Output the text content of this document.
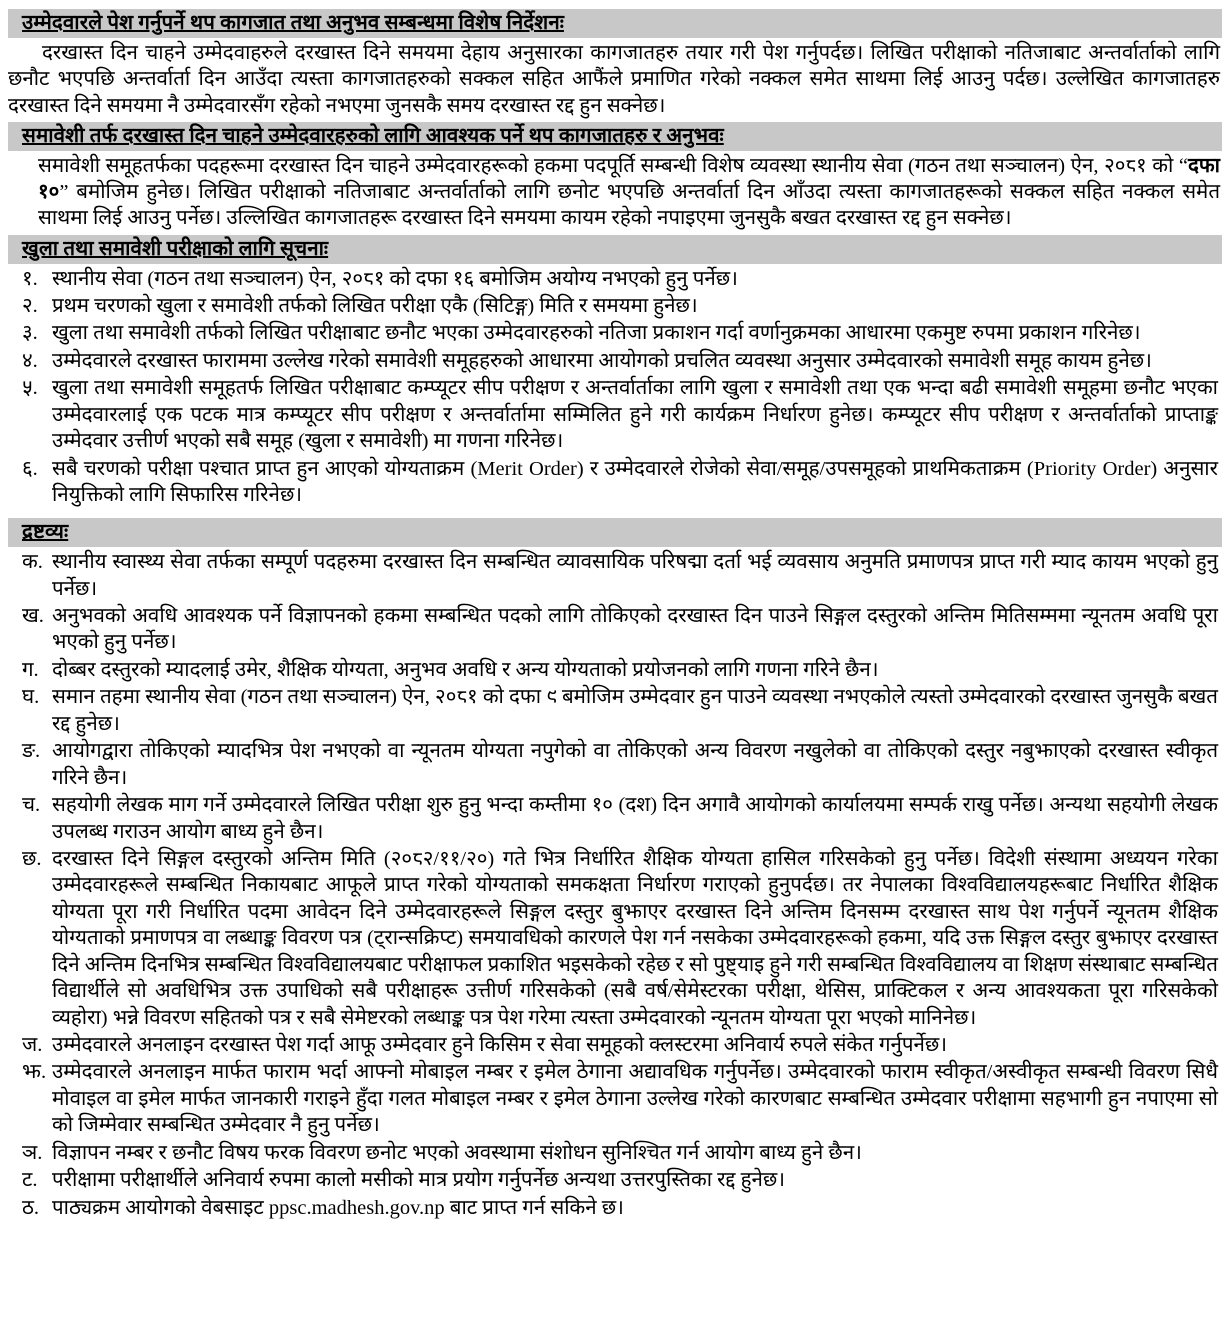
उम्मेदवारले पेश गर्नुपर्ने थप कागजात तथा अनुभव सम्बन्धमा विशेष निर्देशनः

दरखास्त दिन चाहने उम्मेदवाहरुले दरखास्त दिने समयमा देहाय अनुसारका कागजातहरु तयार गरी पेश गर्नुपर्दछ। लिखित परीक्षाको नतिजाबाट अन्तर्वार्ताको लागि छनौट भएपछि अन्तर्वार्ता दिन आउँदा त्यस्ता कागजातहरुको सक्कल सहित आफैंले प्रमाणित गरेको नक्कल समेत साथमा लिई आउनु पर्दछ। उल्लेखित कागजातहरु दरखास्त दिने समयमा नै उम्मेदवारसँग रहेको नभएमा जुनसकै समय दरखास्त रद्द हुन सक्नेछ।

समावेशी तर्फ दरखास्त दिन चाहने उम्मेदवारहरुको लागि आवश्यक पर्ने थप कागजातहरु र अनुभवः

समावेशी समूहतर्फका पदहरूमा दरखास्त दिन चाहने उम्मेदवारहरूको हकमा पदपूर्ति सम्बन्धी विशेष व्यवस्था स्थानीय सेवा (गठन तथा सञ्चालन) ऐन, २०८१ को “दफा १०” बमोजिम हुनेछ। लिखित परीक्षाको नतिजाबाट अन्तर्वार्ताको लागि छनोट भएपछि अन्तर्वार्ता दिन आँउदा त्यस्ता कागजातहरूको सक्कल सहित नक्कल समेत साथमा लिई आउनु पर्नेछ। उल्लिखित कागजातहरू दरखास्त दिने समयमा कायम रहेको नपाइएमा जुनसुकै बखत दरखास्त रद्द हुन सक्नेछ।

खुला तथा समावेशी परीक्षाको लागि सूचनाः
१. स्थानीय सेवा (गठन तथा सञ्चालन) ऐन, २०८१ को दफा १६ बमोजिम अयोग्य नभएको हुनु पर्नेछ।
२. प्रथम चरणको खुला र समावेशी तर्फको लिखित परीक्षा एकै (सिटिङ्ग) मिति र समयमा हुनेछ।
३. खुला तथा समावेशी तर्फको लिखित परीक्षाबाट छनौट भएका उम्मेदवारहरुको नतिजा प्रकाशन गर्दा वर्णानुक्रमका आधारमा एकमुष्ट रुपमा प्रकाशन गरिनेछ।
४. उम्मेदवारले दरखास्त फाराममा उल्लेख गरेको समावेशी समूहहरुको आधारमा आयोगको प्रचलित व्यवस्था अनुसार उम्मेदवारको समावेशी समूह कायम हुनेछ।
५. खुला तथा समावेशी समूहतर्फ लिखित परीक्षाबाट कम्प्यूटर सीप परीक्षण र अन्तर्वार्ताका लागि खुला र समावेशी तथा एक भन्दा बढी समावेशी समूहमा छनौट भएका उम्मेदवारलाई एक पटक मात्र कम्प्यूटर सीप परीक्षण र अन्तर्वार्तामा सम्मिलित हुने गरी कार्यक्रम निर्धारण हुनेछ। कम्प्यूटर सीप परीक्षण र अन्तर्वार्ताको प्राप्ताङ्क उम्मेदवार उत्तीर्ण भएको सबै समूह (खुला र समावेशी) मा गणना गरिनेछ।
६. सबै चरणको परीक्षा पश्चात प्राप्त हुन आएको योग्यताक्रम (Merit Order) र उम्मेदवारले रोजेको सेवा/समूह/उपसमूहको प्राथमिकताक्रम (Priority Order) अनुसार नियुक्तिको लागि सिफारिस गरिनेछ।
द्रष्टव्यः
क. स्थानीय स्वास्थ्य सेवा तर्फका सम्पूर्ण पदहरुमा दरखास्त दिन सम्बन्धित व्यावसायिक परिषद्मा दर्ता भई व्यवसाय अनुमति प्रमाणपत्र प्राप्त गरी म्याद कायम भएको हुनु पर्नेछ।
ख. अनुभवको अवधि आवश्यक पर्ने विज्ञापनको हकमा सम्बन्धित पदको लागि तोकिएको दरखास्त दिन पाउने सिङ्गल दस्तुरको अन्तिम मितिसम्ममा न्यूनतम अवधि पूरा भएको हुनु पर्नेछ।
ग. दोब्बर दस्तुरको म्यादलाई उमेर, शैक्षिक योग्यता, अनुभव अवधि र अन्य योग्यताको प्रयोजनको लागि गणना गरिने छैन।
घ. समान तहमा स्थानीय सेवा (गठन तथा सञ्चालन) ऐन, २०८१ को दफा ९ बमोजिम उम्मेदवार हुन पाउने व्यवस्था नभएकोले त्यस्तो उम्मेदवारको दरखास्त जुनसुकै बखत रद्द हुनेछ।
ङ. आयोगद्वारा तोकिएको म्यादभित्र पेश नभएको वा न्यूनतम योग्यता नपुगेको वा तोकिएको अन्य विवरण नखुलेको वा तोकिएको दस्तुर नबुझाएको दरखास्त स्वीकृत गरिने छैन।
च. सहयोगी लेखक माग गर्ने उम्मेदवारले लिखित परीक्षा शुरु हुनु भन्दा कम्तीमा १० (दश) दिन अगावै आयोगको कार्यालयमा सम्पर्क राखु पर्नेछ। अन्यथा सहयोगी लेखक उपलब्ध गराउन आयोग बाध्य हुने छैन।
छ. दरखास्त दिने सिङ्गल दस्तुरको अन्तिम मिति (२०८२/११/२०) गते भित्र निर्धारित शैक्षिक योग्यता हासिल गरिसकेको हुनु पर्नेछ। विदेशी संस्थामा अध्ययन गरेका उम्मेदवारहरूले सम्बन्धित निकायबाट आफूले प्राप्त गरेको योग्यताको समकक्षता निर्धारण गराएको हुनुपर्दछ। तर नेपालका विश्वविद्यालयहरूबाट निर्धारित शैक्षिक योग्यता पूरा गरी निर्धारित पदमा आवेदन दिने उम्मेदवारहरूले सिङ्गल दस्तुर बुझाएर दरखास्त दिने अन्तिम दिनसम्म दरखास्त साथ पेश गर्नुपर्ने न्यूनतम शैक्षिक योग्यताको प्रमाणपत्र वा लब्धाङ्क विवरण पत्र (ट्रान्सक्रिप्ट) समयावधिको कारणले पेश गर्न नसकेका उम्मेदवारहरूको हकमा, यदि उक्त सिङ्गल दस्तुर बुझाएर दरखास्त दिने अन्तिम दिनभित्र सम्बन्धित विश्वविद्यालयबाट परीक्षाफल प्रकाशित भइसकेको रहेछ र सो पुष्ट्याइ हुने गरी सम्बन्धित विश्वविद्यालय वा शिक्षण संस्थाबाट सम्बन्धित विद्यार्थीले सो अवधिभित्र उक्त उपाधिको सबै परीक्षाहरू उत्तीर्ण गरिसकेको (सबै वर्ष/सेमेस्टरका परीक्षा, थेसिस, प्राक्टिकल र अन्य आवश्यकता पूरा गरिसकेको व्यहोरा) भन्ने विवरण सहितको पत्र र सबै सेमेष्टरको लब्धाङ्क पत्र पेश गरेमा त्यस्ता उम्मेदवारको न्यूनतम योग्यता पूरा भएको मानिनेछ।
ज. उम्मेदवारले अनलाइन दरखास्त पेश गर्दा आफू उम्मेदवार हुने किसिम र सेवा समूहको क्लस्टरमा अनिवार्य रुपले संकेत गर्नुपर्नेछ।
झ. उम्मेदवारले अनलाइन मार्फत फाराम भर्दा आफ्नो मोबाइल नम्बर र इमेल ठेगाना अद्यावधिक गर्नुपर्नेछ। उम्मेदवारको फाराम स्वीकृत/अस्वीकृत सम्बन्धी विवरण सिधै मोवाइल वा इमेल मार्फत जानकारी गराइने हुँदा गलत मोबाइल नम्बर र इमेल ठेगाना उल्लेख गरेको कारणबाट सम्बन्धित उम्मेदवार परीक्षामा सहभागी हुन नपाएमा सो को जिम्मेवार सम्बन्धित उम्मेदवार नै हुनु पर्नेछ।
ञ. विज्ञापन नम्बर र छनौट विषय फरक विवरण छनोट भएको अवस्थामा संशोधन सुनिश्चित गर्न आयोग बाध्य हुने छैन।
ट. परीक्षामा परीक्षार्थीले अनिवार्य रुपमा कालो मसीको मात्र प्रयोग गर्नुपर्नेछ अन्यथा उत्तरपुस्तिका रद्द हुनेछ।
ठ. पाठ्यक्रम आयोगको वेबसाइट ppsc.madhesh.gov.np बाट प्राप्त गर्न सकिने छ।
